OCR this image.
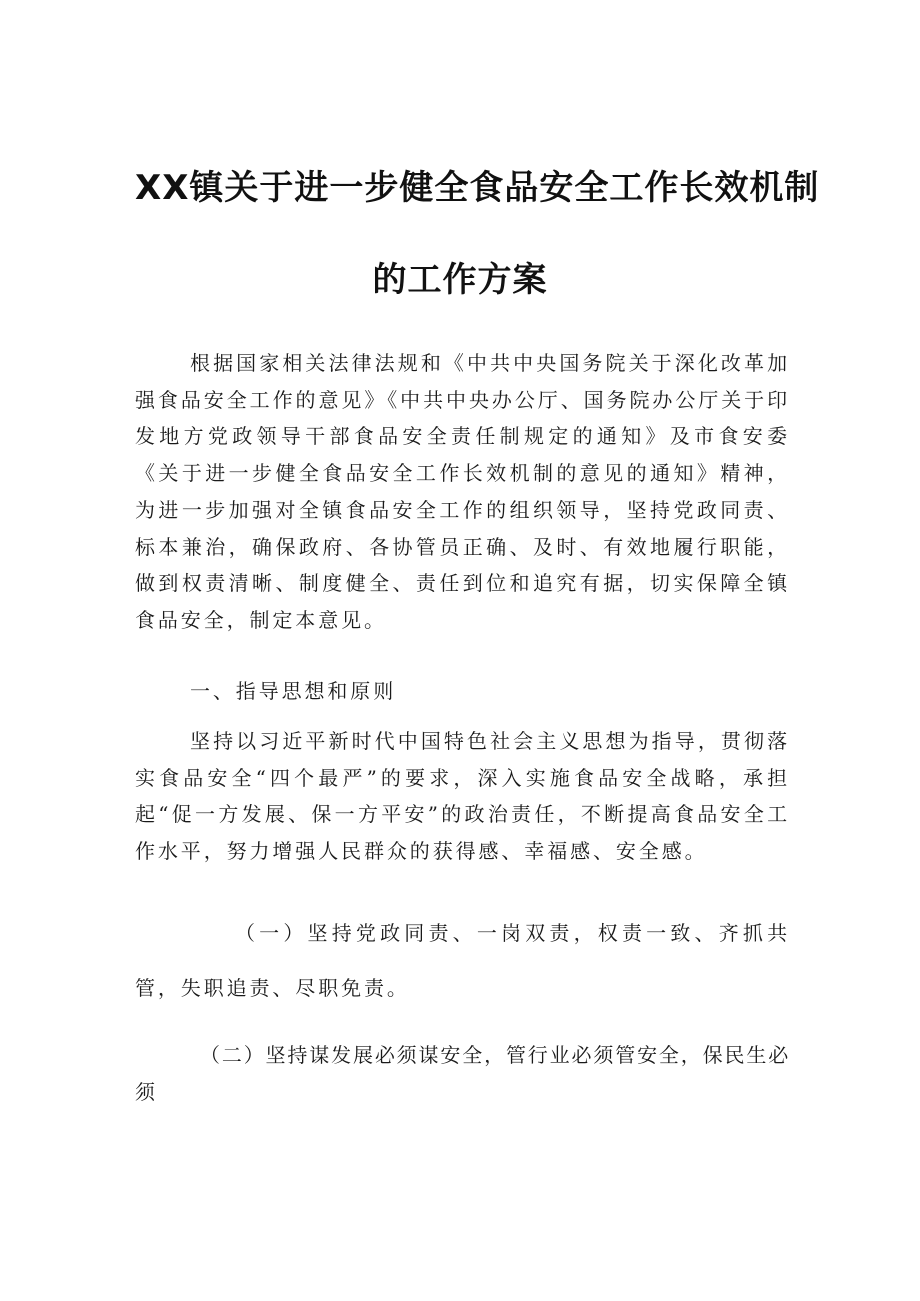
XX镇关于进一步健全食品安全工作长效机制
的工作方案

根据国家相关法律法规和《中共中央国务院关于深化改革加强食品安全工作的意见》《中共中央办公厅、国务院办公厅关于印发地方党政领导干部食品安全责任制规定的通知》及市食安委《关于进一步健全食品安全工作长效机制的意见的通知》精神，为进一步加强对全镇食品安全工作的组织领导，坚持党政同责、标本兼治，确保政府、各协管员正确、及时、有效地履行职能，做到权责清晰、制度健全、责任到位和追究有据，切实保障全镇食品安全，制定本意见。

一、指导思想和原则

坚持以习近平新时代中国特色社会主义思想为指导，贯彻落实食品安全“四个最严”的要求，深入实施食品安全战略，承担起“促一方发展、保一方平安”的政治责任，不断提高食品安全工作水平，努力增强人民群众的获得感、幸福感、安全感。

（一）坚持党政同责、一岗双责，权责一致、齐抓共管，失职追责、尽职免责。

（二）坚持谋发展必须谋安全，管行业必须管安全，保民生必须
